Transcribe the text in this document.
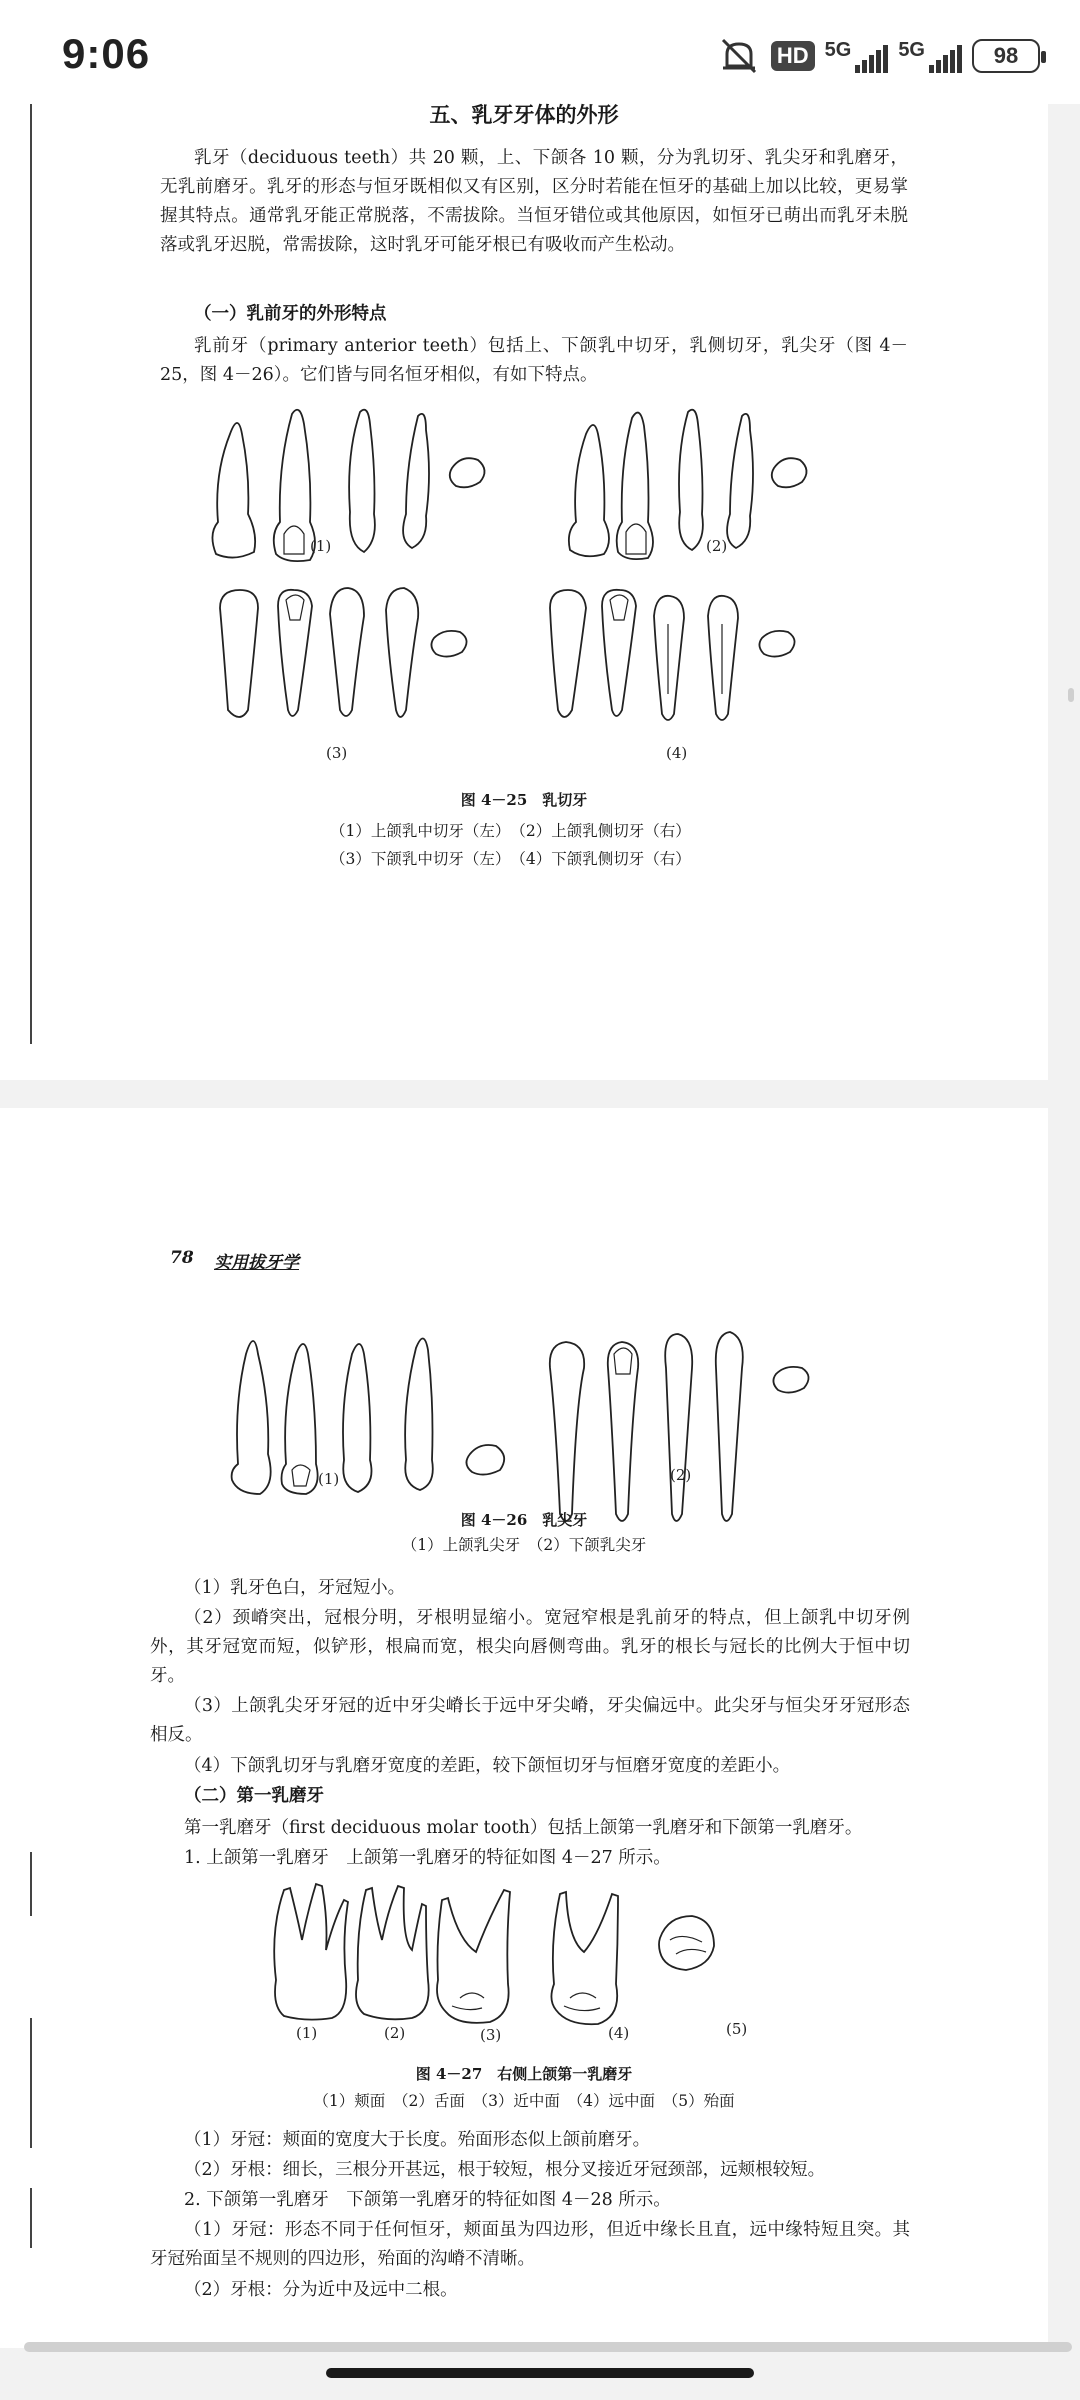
9:06	HD 5G 5G	98
五、乳牙牙体的外形
乳牙（deciduous teeth）共 20 颗，上、下颌各 10 颗，分为乳切牙、乳尖牙和乳磨牙，无乳前磨牙。乳牙的形态与恒牙既相似又有区别，区分时若能在恒牙的基础上加以比较，更易掌握其特点。通常乳牙能正常脱落，不需拔除。当恒牙错位或其他原因，如恒牙已萌出而乳牙未脱落或乳牙迟脱，常需拔除，这时乳牙可能牙根已有吸收而产生松动。
（一）乳前牙的外形特点
乳前牙（primary anterior teeth）包括上、下颌乳中切牙，乳侧切牙，乳尖牙（图 4－25，图 4－26）。它们皆与同名恒牙相似，有如下特点。
(1)	(2)
(3)	(4)
图 4－25　乳切牙
（1）上颌乳中切牙（左）　（2）上颌乳侧切牙（右）
（3）下颌乳中切牙（左）　（4）下颌乳侧切牙（右）
78 实用拔牙学
(1)	(2)
图 4－26　乳尖牙
（1）上颌乳尖牙　（2）下颌乳尖牙
（1）乳牙色白，牙冠短小。
（2）颈嵴突出，冠根分明，牙根明显缩小。宽冠窄根是乳前牙的特点，但上颌乳中切牙例外，其牙冠宽而短，似铲形，根扁而宽，根尖向唇侧弯曲。乳牙的根长与冠长的比例大于恒中切牙。
（3）上颌乳尖牙牙冠的近中牙尖嵴长于远中牙尖嵴，牙尖偏远中。此尖牙与恒尖牙牙冠形态相反。
（4）下颌乳切牙与乳磨牙宽度的差距，较下颌恒切牙与恒磨牙宽度的差距小。
（二）第一乳磨牙
第一乳磨牙（first deciduous molar tooth）包括上颌第一乳磨牙和下颌第一乳磨牙。
1. 上颌第一乳磨牙　上颌第一乳磨牙的特征如图 4－27 所示。
(1)	(2)	(3)	(4)	(5)
图 4－27　右侧上颌第一乳磨牙
（1）颊面　（2）舌面　（3）近中面　（4）远中面　（5）殆面
（1）牙冠：颊面的宽度大于长度。殆面形态似上颌前磨牙。
（2）牙根：细长，三根分开甚远，根于较短，根分叉接近牙冠颈部，远颊根较短。
2. 下颌第一乳磨牙　下颌第一乳磨牙的特征如图 4－28 所示。
（1）牙冠：形态不同于任何恒牙，颊面虽为四边形，但近中缘长且直，远中缘特短且突。其牙冠殆面呈不规则的四边形，殆面的沟嵴不清晰。
（2）牙根：分为近中及远中二根。
